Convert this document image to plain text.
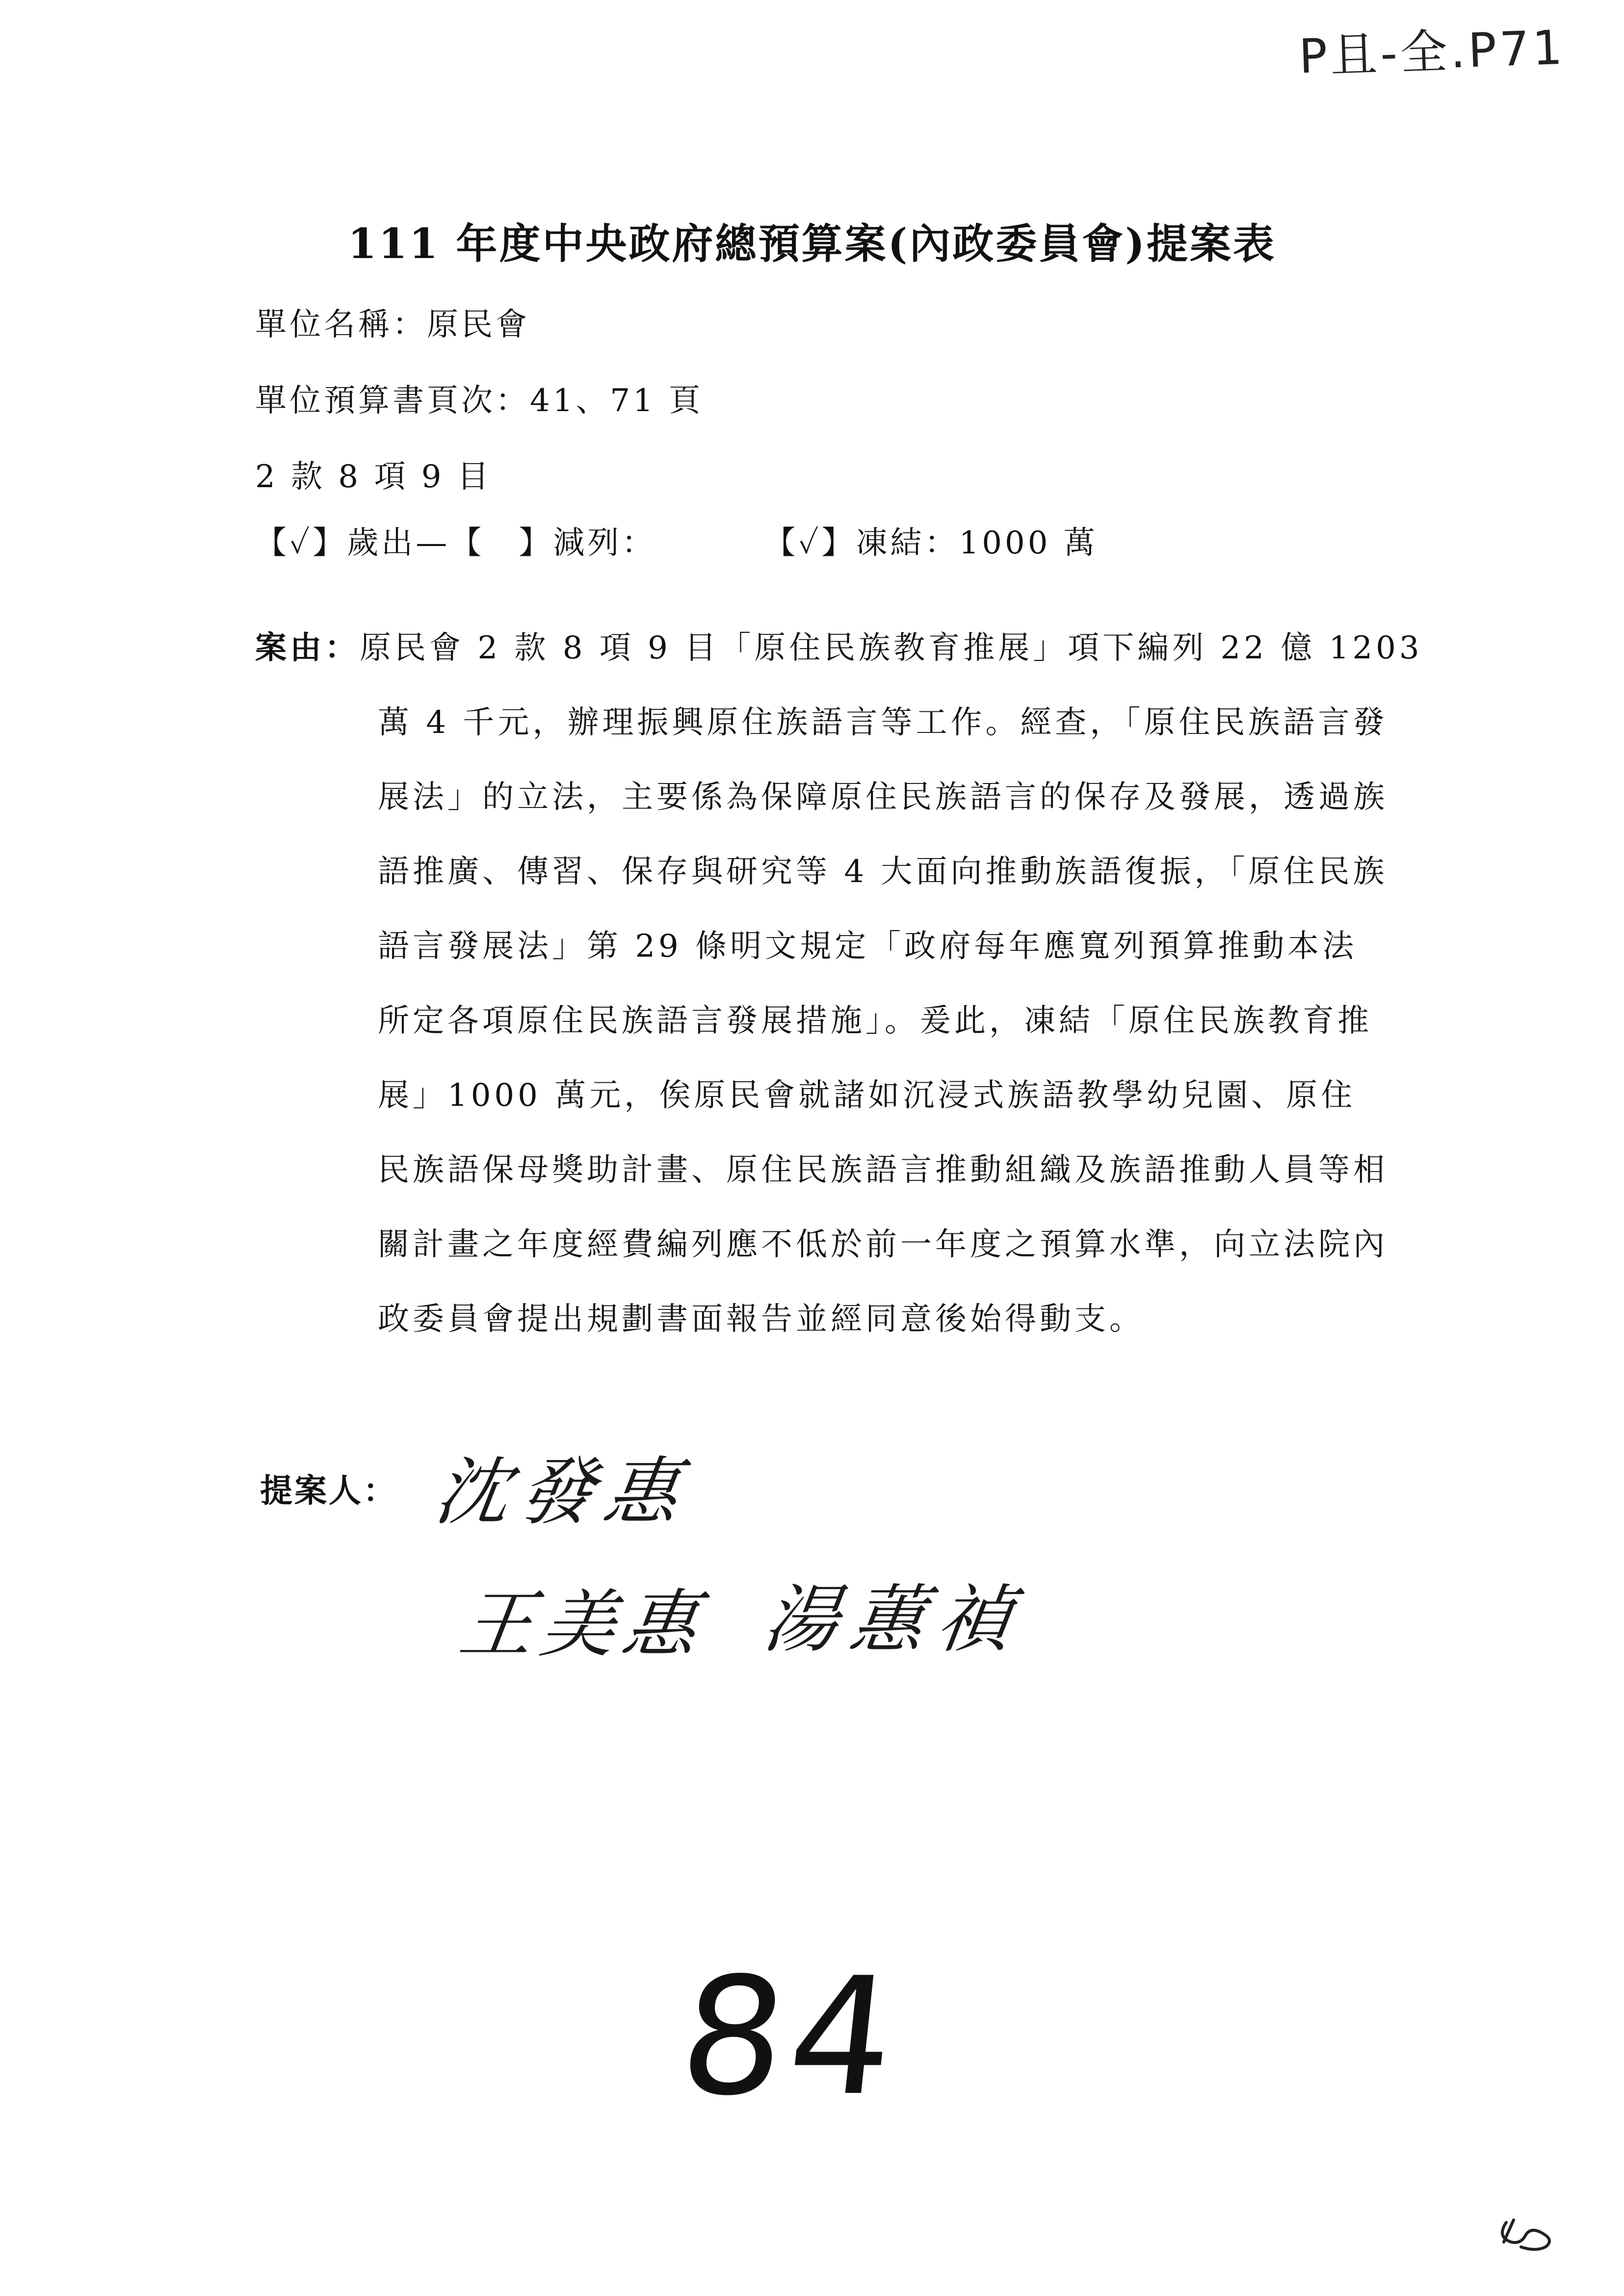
P且-全.P71
111 年度中央政府總預算案(內政委員會)提案表
單位名稱：原民會
單位預算書頁次：41、71 頁
2 款 8 項 9 目
【✓】歲出—【　】減列：	【✓】凍結：1000 萬
案由：原民會 2 款 8 項 9 目「原住民族教育推展」項下編列 22 億 1203
萬 4 千元，辦理振興原住族語言等工作。經查，「原住民族語言發展法」的立法，主要係為保障原住民族語言的保存及發展，透過族語推廣、傳習、保存與研究等 4 大面向推動族語復振，「原住民族語言發展法」第 29 條明文規定「政府每年應寬列預算推動本法所定各項原住民族語言發展措施」。爰此，凍結「原住民族教育推展」1000 萬元，俟原民會就諸如沉浸式族語教學幼兒園、原住民族語保母獎助計畫、原住民族語言推動組織及族語推動人員等相關計畫之年度經費編列應不低於前一年度之預算水準，向立法院內政委員會提出規劃書面報告並經同意後始得動支。
提案人： 沈發惠
王美惠 湯蕙禎
84
